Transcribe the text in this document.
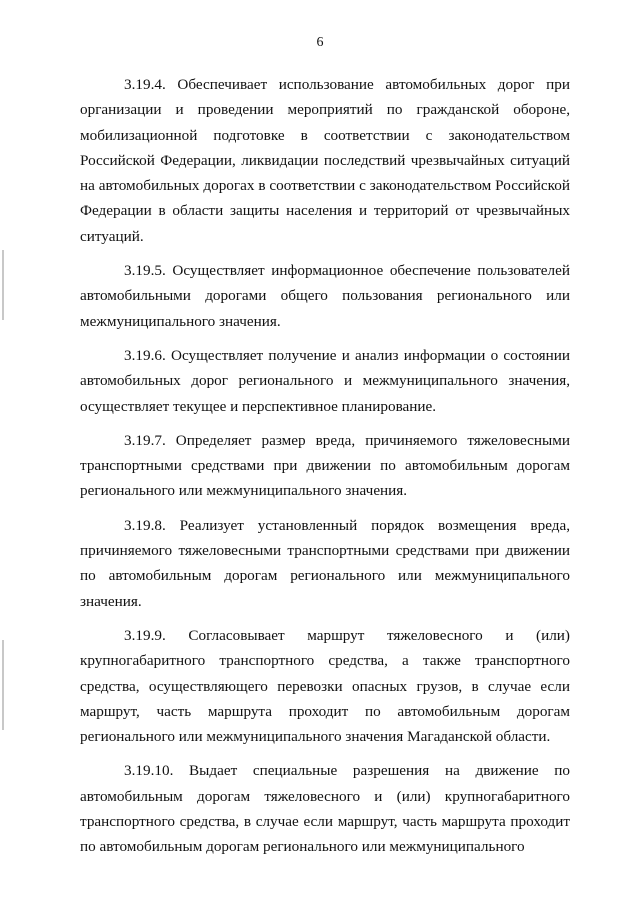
6

3.19.4. Обеспечивает использование автомобильных дорог при организации и проведении мероприятий по гражданской обороне, мобилизационной подготовке в соответствии с законодательством Российской Федерации, ликвидации последствий чрезвычайных ситуаций на автомобильных дорогах в соответствии с законодательством Российской Федерации в области защиты населения и территорий от чрезвычайных ситуаций.

3.19.5. Осуществляет информационное обеспечение пользователей автомобильными дорогами общего пользования регионального или межмуниципального значения.

3.19.6. Осуществляет получение и анализ информации о состоянии автомобильных дорог регионального и межмуниципального значения, осуществляет текущее и перспективное планирование.

3.19.7. Определяет размер вреда, причиняемого тяжеловесными транспортными средствами при движении по автомобильным дорогам регионального или межмуниципального значения.

3.19.8. Реализует установленный порядок возмещения вреда, причиняемого тяжеловесными транспортными средствами при движении по автомобильным дорогам регионального или межмуниципального значения.

3.19.9. Согласовывает маршрут тяжеловесного и (или) крупногабаритного транспортного средства, а также транспортного средства, осуществляющего перевозки опасных грузов, в случае если маршрут, часть маршрута проходит по автомобильным дорогам регионального или межмуниципального значения Магаданской области.

3.19.10. Выдает специальные разрешения на движение по автомобильным дорогам тяжеловесного и (или) крупногабаритного транспортного средства, в случае если маршрут, часть маршрута проходит по автомобильным дорогам регионального или межмуниципального
